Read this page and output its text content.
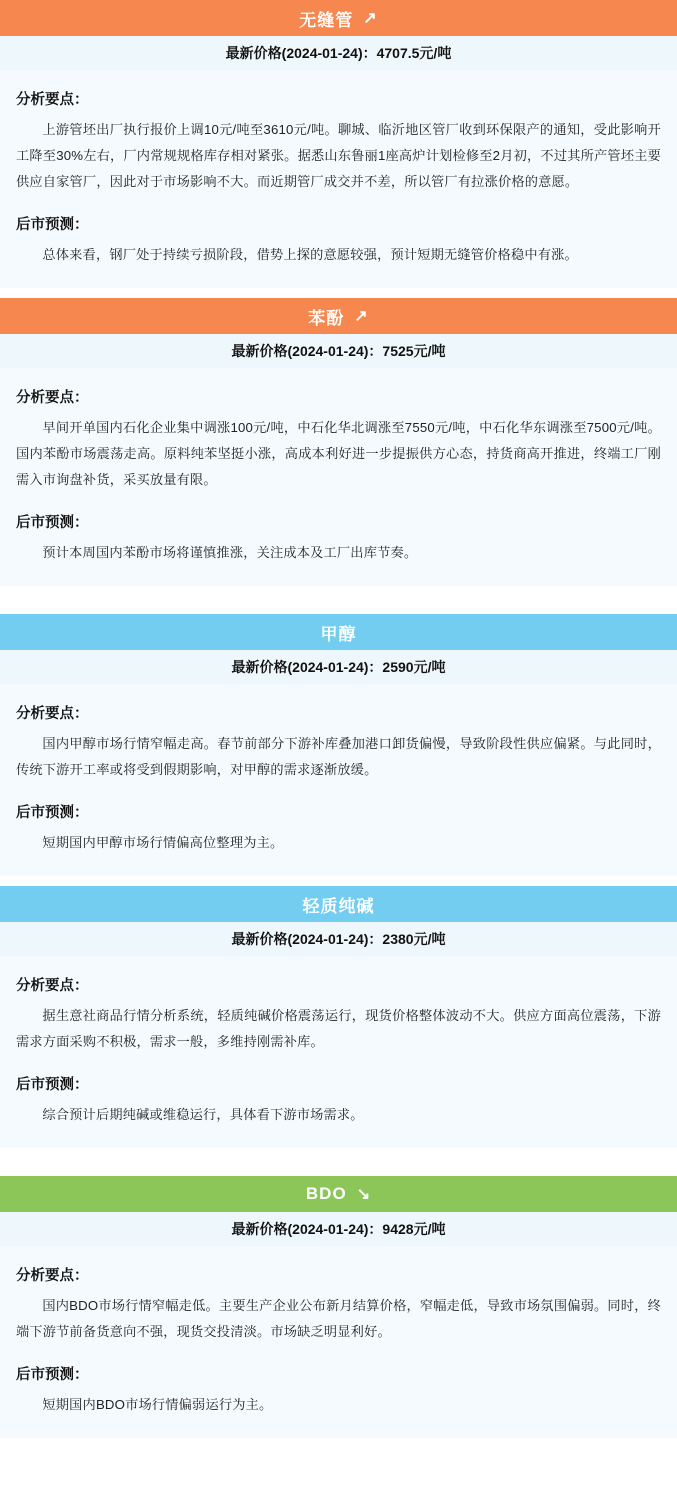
无缝管 ↗
最新价格(2024-01-24)：4707.5元/吨
分析要点：

上游管坯出厂执行报价上调10元/吨至3610元/吨。聊城、临沂地区管厂收到环保限产的通知，受此影响开工降至30%左右，厂内常规规格库存相对紧张。据悉山东鲁丽1座高炉计划检修至2月初，不过其所产管坯主要供应自家管厂，因此对于市场影响不大。而近期管厂成交并不差，所以管厂有拉涨价格的意愿。

后市预测：

总体来看，钢厂处于持续亏损阶段，借势上探的意愿较强，预计短期无缝管价格稳中有涨。

苯酚 ↗
最新价格(2024-01-24)：7525元/吨
分析要点：

早间开单国内石化企业集中调涨100元/吨，中石化华北调涨至7550元/吨，中石化华东调涨至7500元/吨。国内苯酚市场震荡走高。原料纯苯坚挺小涨，高成本利好进一步提振供方心态，持货商高开推进，终端工厂刚需入市询盘补货，采买放量有限。

后市预测：

预计本周国内苯酚市场将谨慎推涨，关注成本及工厂出库节奏。

甲醇
最新价格(2024-01-24)：2590元/吨
分析要点：

国内甲醇市场行情窄幅走高。春节前部分下游补库叠加港口卸货偏慢，导致阶段性供应偏紧。与此同时，传统下游开工率或将受到假期影响，对甲醇的需求逐渐放缓。

后市预测：

短期国内甲醇市场行情偏高位整理为主。

轻质纯碱
最新价格(2024-01-24)：2380元/吨
分析要点：

据生意社商品行情分析系统，轻质纯碱价格震荡运行，现货价格整体波动不大。供应方面高位震荡，下游需求方面采购不积极，需求一般，多维持刚需补库。

后市预测：

综合预计后期纯碱或维稳运行，具体看下游市场需求。

BDO ↘
最新价格(2024-01-24)：9428元/吨
分析要点：

国内BDO市场行情窄幅走低。主要生产企业公布新月结算价格，窄幅走低，导致市场氛围偏弱。同时，终端下游节前备货意向不强，现货交投清淡。市场缺乏明显利好。

后市预测：

短期国内BDO市场行情偏弱运行为主。
